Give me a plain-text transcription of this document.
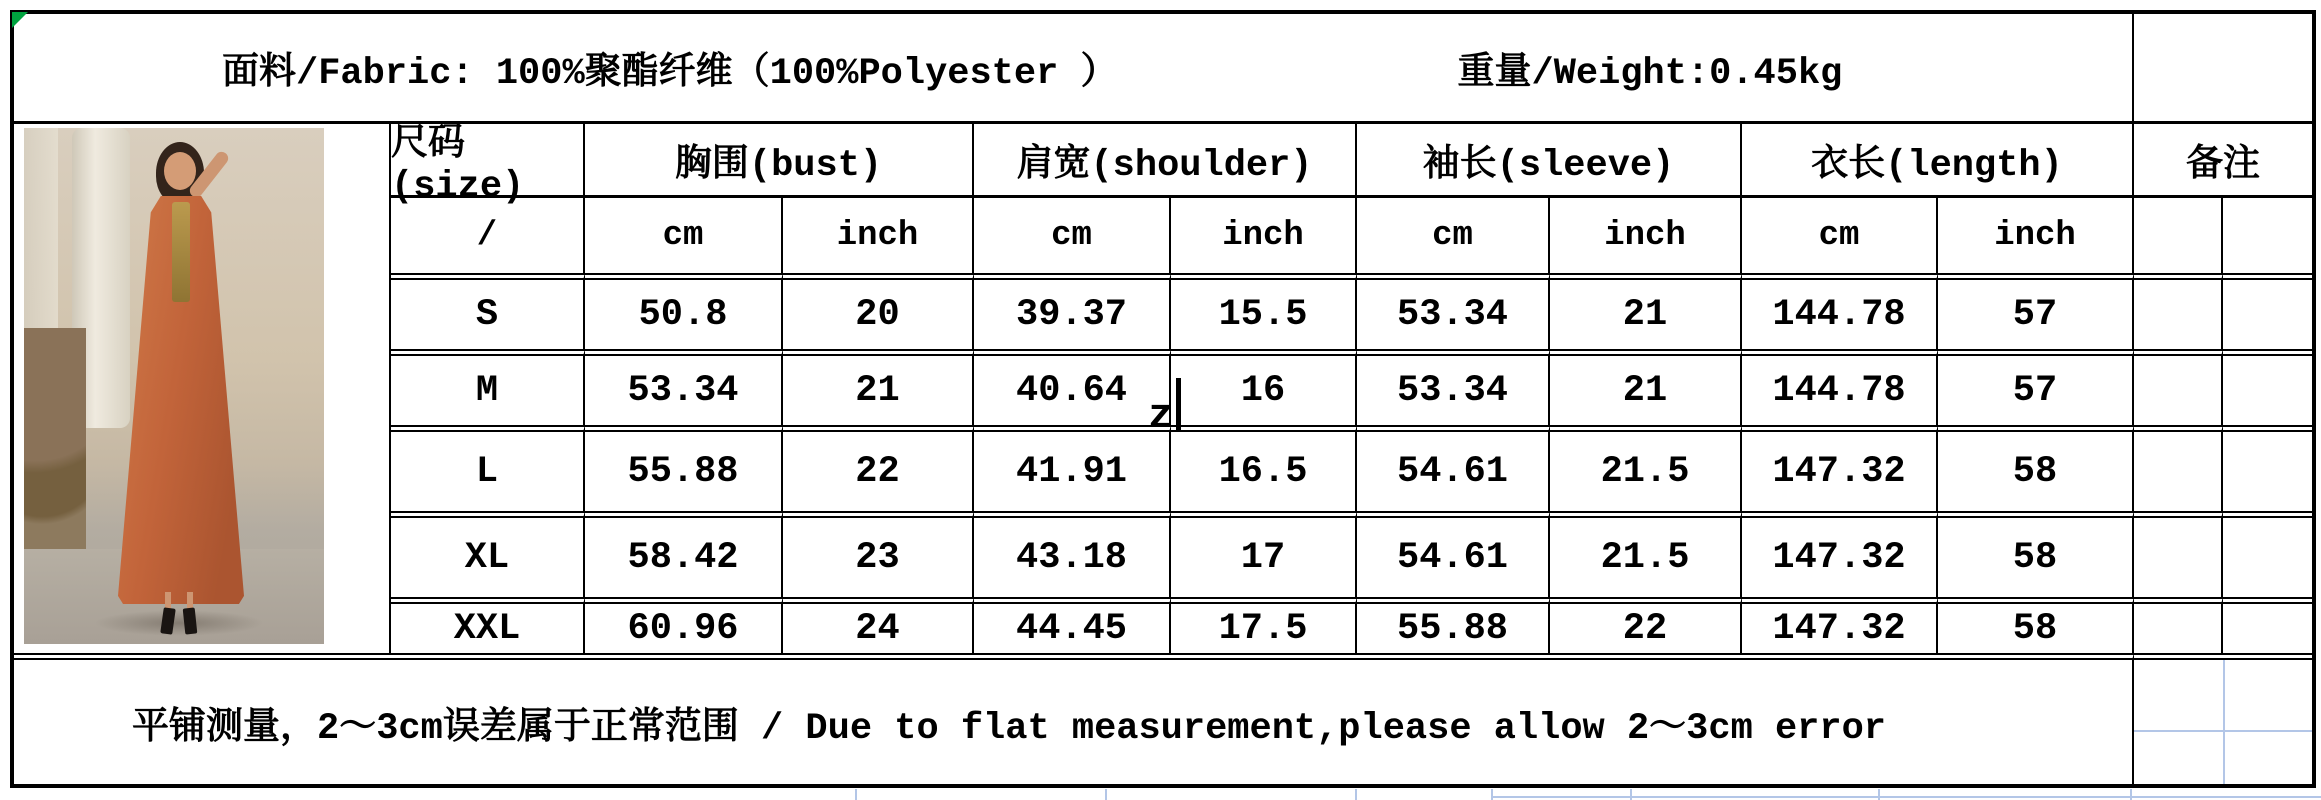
面料/Fabric: 100%聚酯纤维（100%Polyester ）	重量/Weight:0.45kg
尺码(size)	胸围(bust)	肩宽(shoulder)	袖长(sleeve)	衣长(length)	备注
/	cm	inch	cm	inch	cm	inch	cm	inch
S	50.8	20	39.37	15.5	53.34	21	144.78	57
M	53.34	21	40.64	16	53.34	21	144.78	57
L	55.88	22	41.91	16.5	54.61	21.5	147.32	58
XL	58.42	23	43.18	17	54.61	21.5	147.32	58
XXL	60.96	24	44.45	17.5	55.88	22	147.32	58
平铺测量，2～3cm误差属于正常范围 / Due to flat measurement,please allow 2～3cm error
z
